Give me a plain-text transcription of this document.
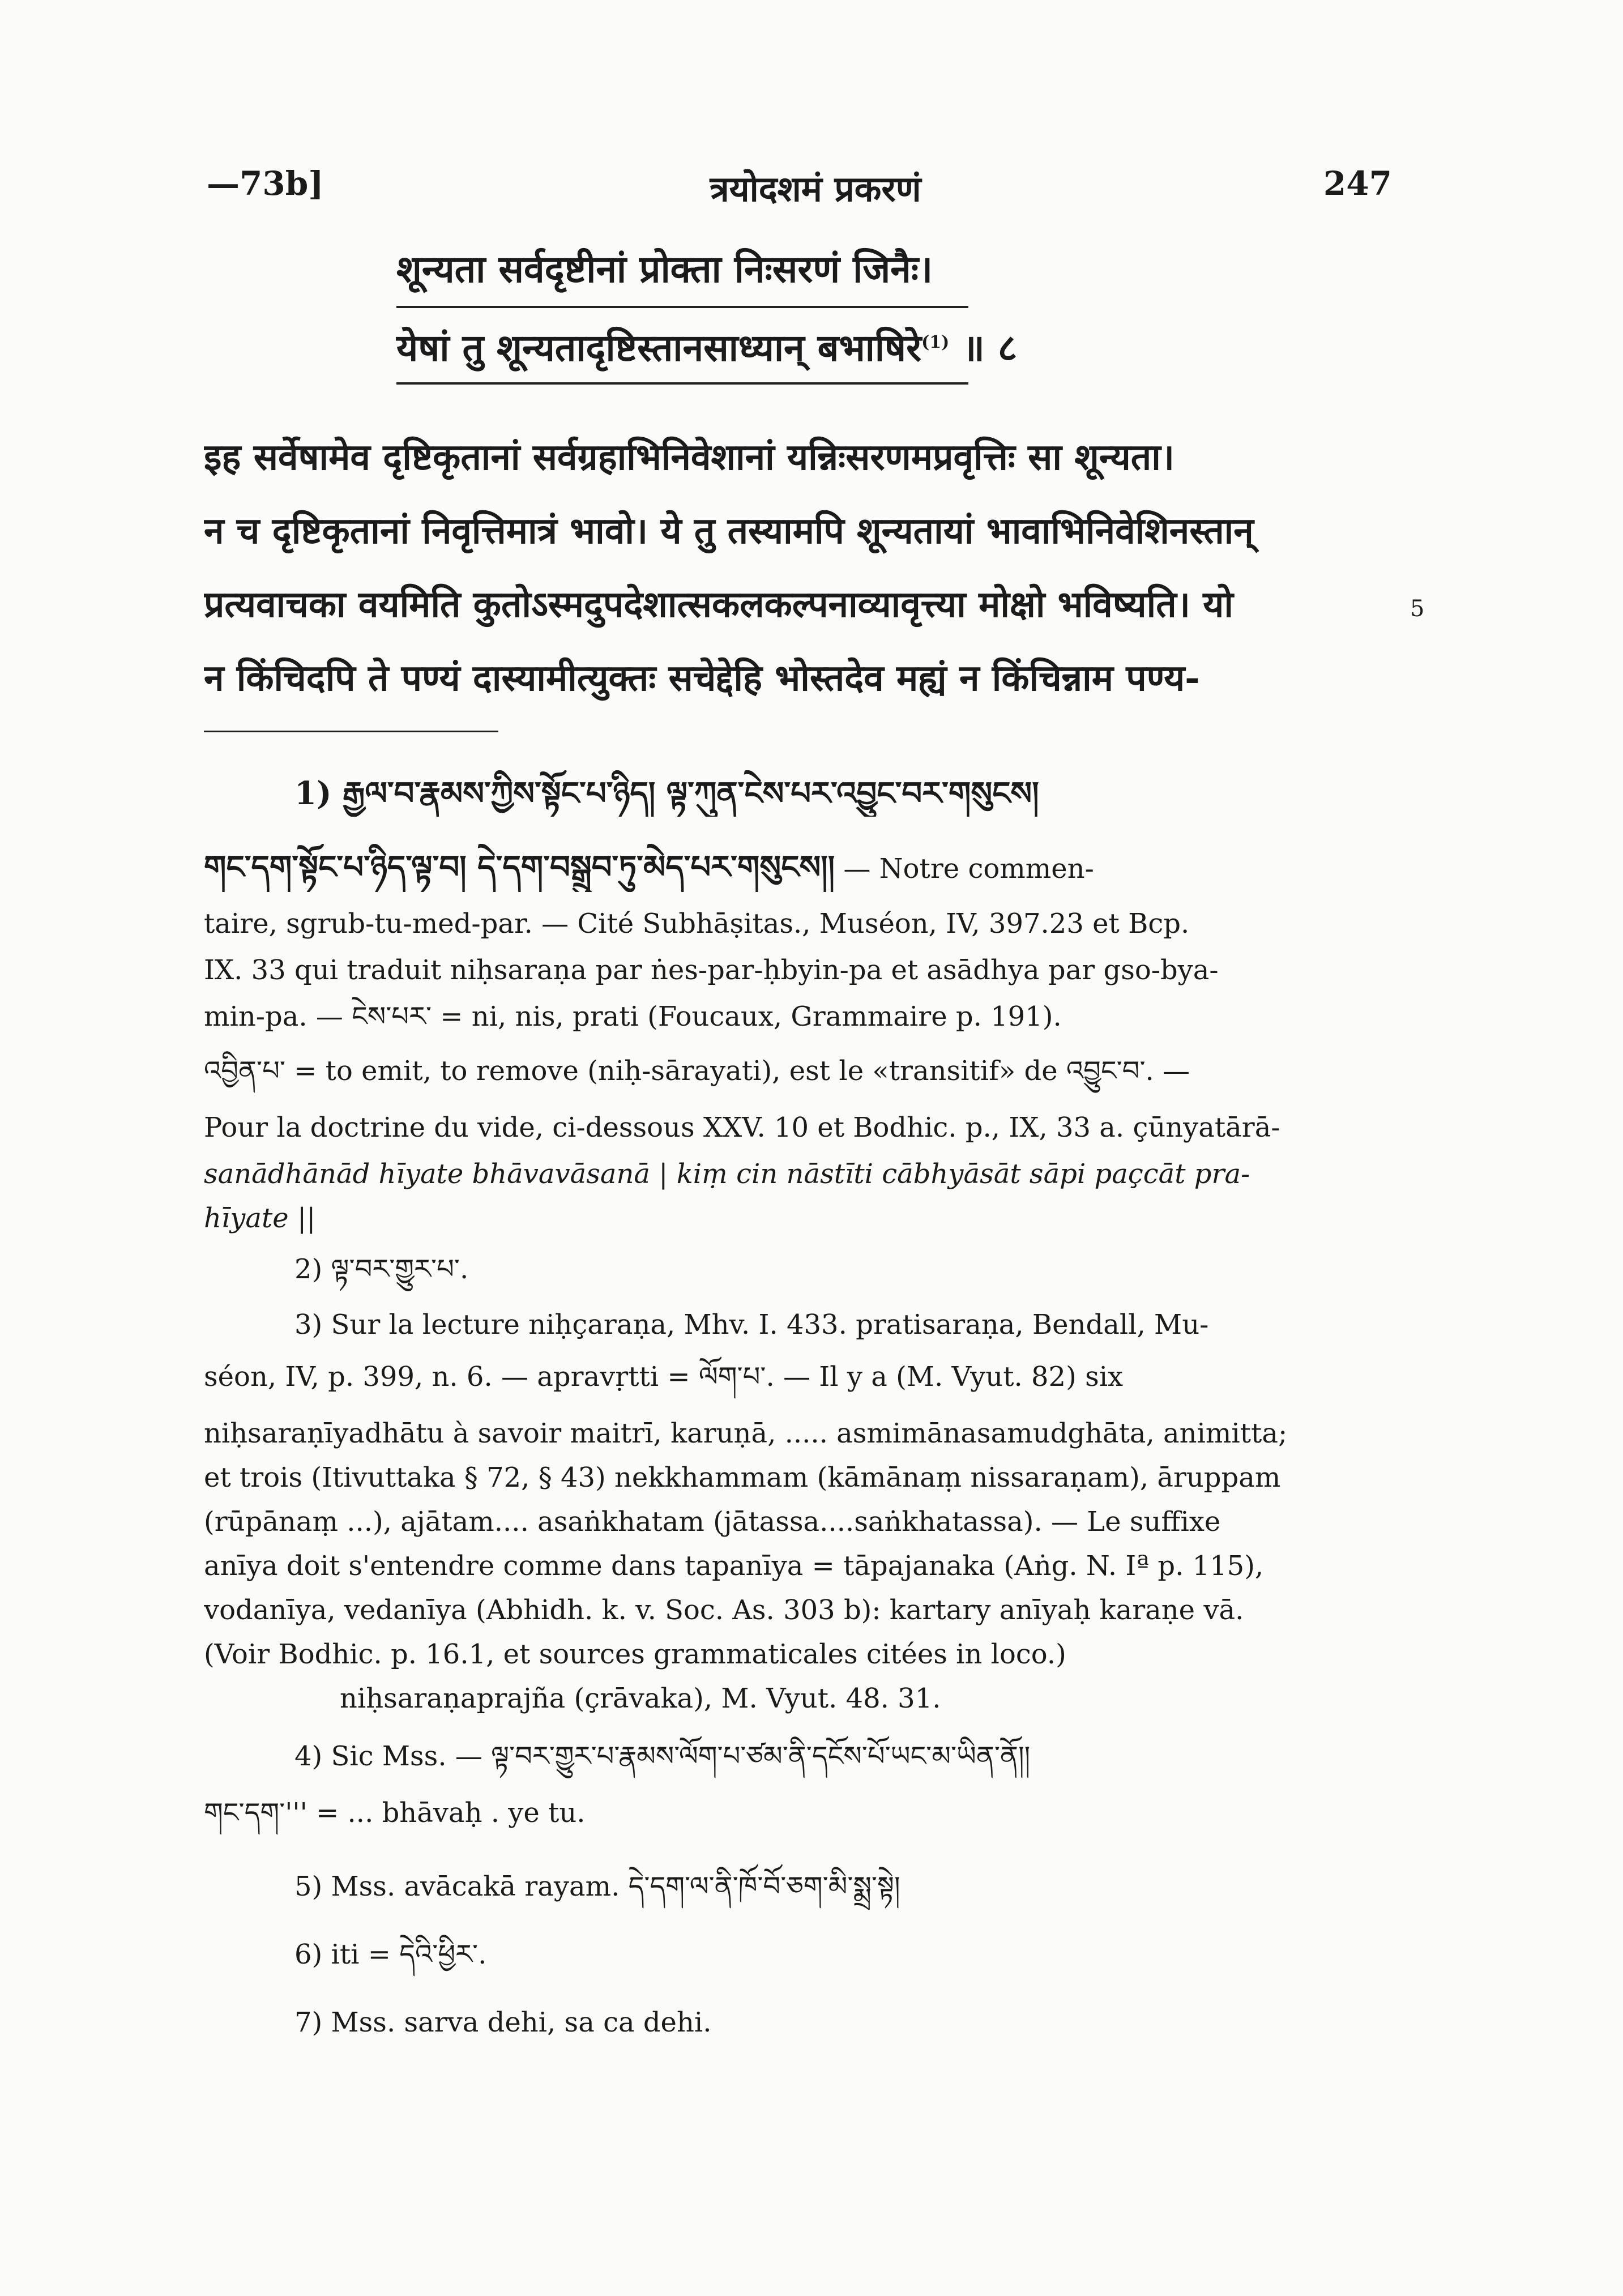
—73b]	त्रयोदशमं प्रकरणं	247
शून्यता सर्वदृष्टीनां प्रोक्ता निःसरणं जिनैः।
येषां तु शून्यतादृष्टिस्तानसाध्यान् बभाषिरे$^{(1)}$ ॥ ८
इह सर्वेषामेव दृष्टिकृतानां सर्वग्रहाभिनिवेशानां यन्निःसरणमप्रवृत्तिः सा शून्यता।
न च दृष्टिकृतानां निवृत्तिमात्रं भावो। ये तु तस्यामपि शून्यतायां भावाभिनिवेशिनस्तान्
प्रत्यवाचका वयमिति कुतोऽस्मदुपदेशात्सकलकल्पनाव्यावृत्त्या मोक्षो भविष्यति। यो	5
न किंचिदपि ते पण्यं दास्यामीत्युक्तः सचेद्देहि भोस्तदेव मह्यं न किंचिन्नाम पण्य-
1) རྒྱལ་བ་རྣམས་ཀྱིས་སྟོང་པ་ཉིད། ལྟ་ཀུན་ངེས་པར་འབྱུང་བར་གསུངས།
གང་དག་སྟོང་པ་ཉིད་ལྟ་བ། དེ་དག་བསྒྲུབ་ཏུ་མེད་པར་གསུངས།། — Notre commen-
taire, sgrub-tu-med-par. — Cité Subhāṣitas., Muséon, IV, 397.23 et Bcp.
IX. 33 qui traduit niḥsaraṇa par ṅes-par-ḥbyin-pa et asādhya par gso-bya-
min-pa. — ངེས་པར་ = ni, nis, prati (Foucaux, Grammaire p. 191).
འབྱིན་པ་ = to emit, to remove (niḥ-sārayati), est le «transitif» de འབྱུང་བ་. —
Pour la doctrine du vide, ci-dessous XXV. 10 et Bodhic. p., IX, 33 a. çūnyatārā-
sanādhānād hīyate bhāvavāsanā | kiṃ cin nāstīti cābhyāsāt sāpi paçcāt pra-
hīyate ||
2) ལྟ་བར་གྱུར་པ་.
3) Sur la lecture niḥçaraṇa, Mhv. I. 433. pratisaraṇa, Bendall, Mu-
séon, IV, p. 399, n. 6. — apravṛtti = ལོག་པ་. — Il y a (M. Vyut. 82) six
niḥsaraṇīyadhātu à savoir maitrī, karuṇā, ..... asmimānasamudghāta, animitta;
et trois (Itivuttaka § 72, § 43) nekkhammam (kāmānaṃ nissaraṇam), āruppam
(rūpānaṃ ...), ajātam.... asaṅkhatam (jātassa....saṅkhatassa). — Le suffixe
anīya doit s'entendre comme dans tapanīya = tāpajanaka (Aṅg. N. Iª p. 115),
vodanīya, vedanīya (Abhidh. k. v. Soc. As. 303 b): kartary anīyaḥ karaṇe vā.
(Voir Bodhic. p. 16.1, et sources grammaticales citées in loco.)
niḥsaraṇaprajña (çrāvaka), M. Vyut. 48. 31.
4) Sic Mss. — ལྟ་བར་གྱུར་པ་རྣམས་ལོག་པ་ཙམ་ནི་དངོས་པོ་ཡང་མ་ཡིན་ནོ།།
གང་དག་''' = ... bhāvaḥ . ye tu.
5) Mss. avācakā rayam. དེ་དག་ལ་ནི་ཁོ་བོ་ཅག་མི་སྨྲ་སྟེ།
6) iti = དེའི་ཕྱིར་.
7) Mss. sarva dehi, sa ca dehi.
